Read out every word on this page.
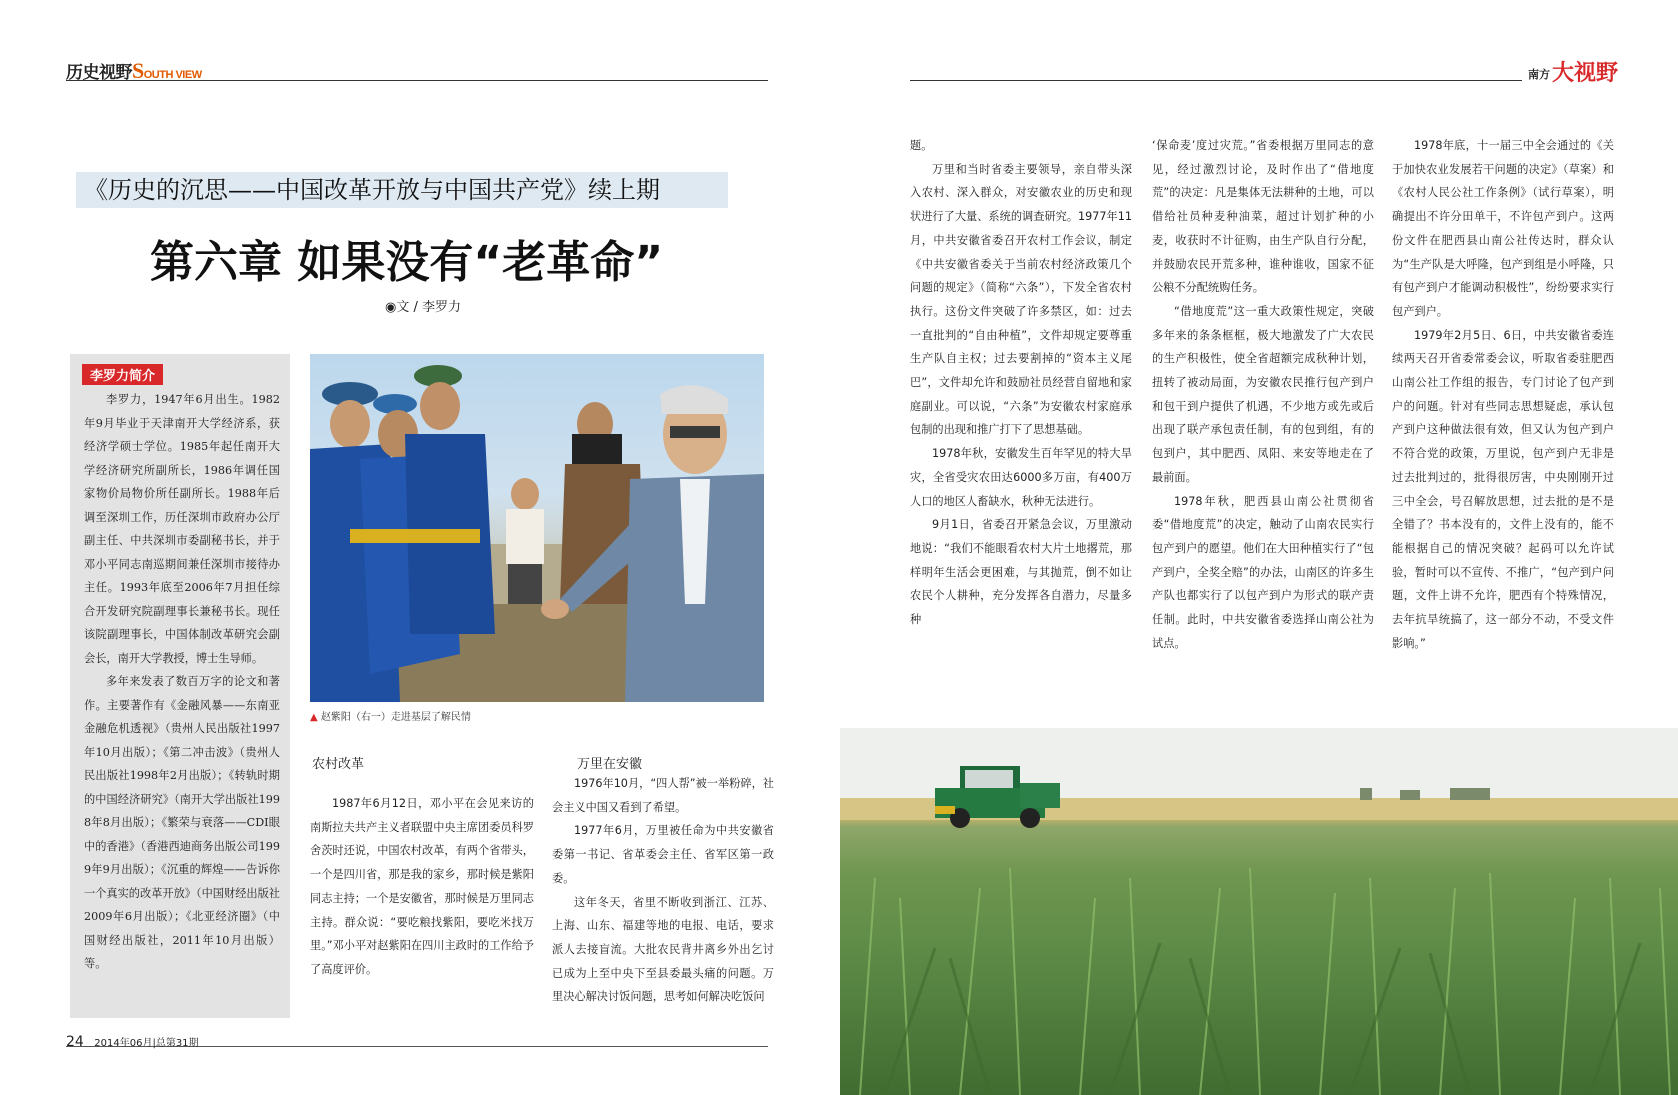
历史视野SOUTH VIEW	南方大视野
《历史的沉思——中国改革开放与中国共产党》续上期
第六章 如果没有“老革命”
◉文 / 李罗力
李罗力简介

李罗力，1947年6月出生。1982年9月毕业于天津南开大学经济系，获经济学硕士学位。1985年起任南开大学经济研究所副所长，1986年调任国家物价局物价所任副所长。1988年后调至深圳工作，历任深圳市政府办公厅副主任、中共深圳市委副秘书长，并于邓小平同志南巡期间兼任深圳市接待办主任。1993年底至2006年7月担任综合开发研究院副理事长兼秘书长。现任该院副理事长，中国体制改革研究会副会长，南开大学教授，博士生导师。

多年来发表了数百万字的论文和著作。主要著作有《金融风暴——东南亚金融危机透视》（贵州人民出版社1997年10月出版）；《第二冲击波》（贵州人民出版社1998年2月出版）；《转轨时期的中国经济研究》（南开大学出版社1998年8月出版）；《繁荣与衰落——CDI眼中的香港》（香港西迪商务出版公司1999年9月出版）；《沉重的辉煌——告诉你一个真实的改革开放》（中国财经出版社2009年6月出版）；《北亚经济圈》（中国财经出版社，2011年10月出版）等。

▲ 赵紫阳（右一）走进基层了解民情
农村改革	万里在安徽

1987年6月12日，邓小平在会见来访的南斯拉夫共产主义者联盟中央主席团委员科罗舍茨时还说，中国农村改革，有两个省带头，一个是四川省，那是我的家乡，那时候是紫阳同志主持；一个是安徽省，那时候是万里同志主持。群众说：“要吃粮找紫阳，要吃米找万里。”邓小平对赵紫阳在四川主政时的工作给予了高度评价。

1976年10月，“四人帮”被一举粉碎，社会主义中国又看到了希望。

1977年6月，万里被任命为中共安徽省委第一书记、省革委会主任、省军区第一政委。

这年冬天，省里不断收到浙江、江苏、上海、山东、福建等地的电报、电话，要求派人去接盲流。大批农民背井离乡外出乞讨已成为上至中央下至县委最头痛的问题。万里决心解决讨饭问题，思考如何解决吃饭问

题。

万里和当时省委主要领导，亲自带头深入农村、深入群众，对安徽农业的历史和现状进行了大量、系统的调查研究。1977年11月，中共安徽省委召开农村工作会议，制定《中共安徽省委关于当前农村经济政策几个问题的规定》（简称“六条”），下发全省农村执行。这份文件突破了许多禁区，如：过去一直批判的“自由种植”，文件却规定要尊重生产队自主权；过去要割掉的“资本主义尾巴”，文件却允许和鼓励社员经营自留地和家庭副业。可以说，“六条”为安徽农村家庭承包制的出现和推广打下了思想基础。

1978年秋，安徽发生百年罕见的特大旱灾，全省受灾农田达6000多万亩，有400万人口的地区人畜缺水，秋种无法进行。

9月1日，省委召开紧急会议，万里激动地说：“我们不能眼看农村大片土地撂荒，那样明年生活会更困难，与其抛荒，倒不如让农民个人耕种，充分发挥各自潜力，尽量多种

‘保命麦’度过灾荒。”省委根据万里同志的意见，经过激烈讨论，及时作出了“借地度荒”的决定：凡是集体无法耕种的土地，可以借给社员种麦种油菜，超过计划扩种的小麦，收获时不计征购，由生产队自行分配，并鼓励农民开荒多种，谁种谁收，国家不征公粮不分配统购任务。

“借地度荒”这一重大政策性规定，突破多年来的条条框框，极大地激发了广大农民的生产积极性，使全省超额完成秋种计划，扭转了被动局面，为安徽农民推行包产到户和包干到户提供了机遇，不少地方或先或后出现了联产承包责任制，有的包到组，有的包到户，其中肥西、凤阳、来安等地走在了最前面。

1978年秋，肥西县山南公社贯彻省委“借地度荒”的决定，触动了山南农民实行包产到户的愿望。他们在大田种植实行了“包产到户，全奖全赔”的办法，山南区的许多生产队也都实行了以包产到户为形式的联产责任制。此时，中共安徽省委选择山南公社为试点。

1978年底，十一届三中全会通过的《关于加快农业发展若干问题的决定》（草案）和《农村人民公社工作条例》（试行草案），明确提出不许分田单干，不许包产到户。这两份文件在肥西县山南公社传达时，群众认为“生产队是大呼隆，包产到组是小呼隆，只有包产到户才能调动积极性”，纷纷要求实行包产到户。

1979年2月5日、6日，中共安徽省委连续两天召开省委常委会议，听取省委驻肥西山南公社工作组的报告，专门讨论了包产到户的问题。针对有些同志思想疑虑，承认包产到户这种做法很有效，但又认为包产到户不符合党的政策，万里说，包产到户无非是过去批判过的，批得很厉害，中央刚刚开过三中全会，号召解放思想，过去批的是不是全错了？书本没有的，文件上没有的，能不能根据自己的情况突破？起码可以允许试验，暂时可以不宣传、不推广，“包产到户问题，文件上讲不允许，肥西有个特殊情况，去年抗旱统搞了，这一部分不动，不受文件影响。”

24 2014年06月|总第31期
